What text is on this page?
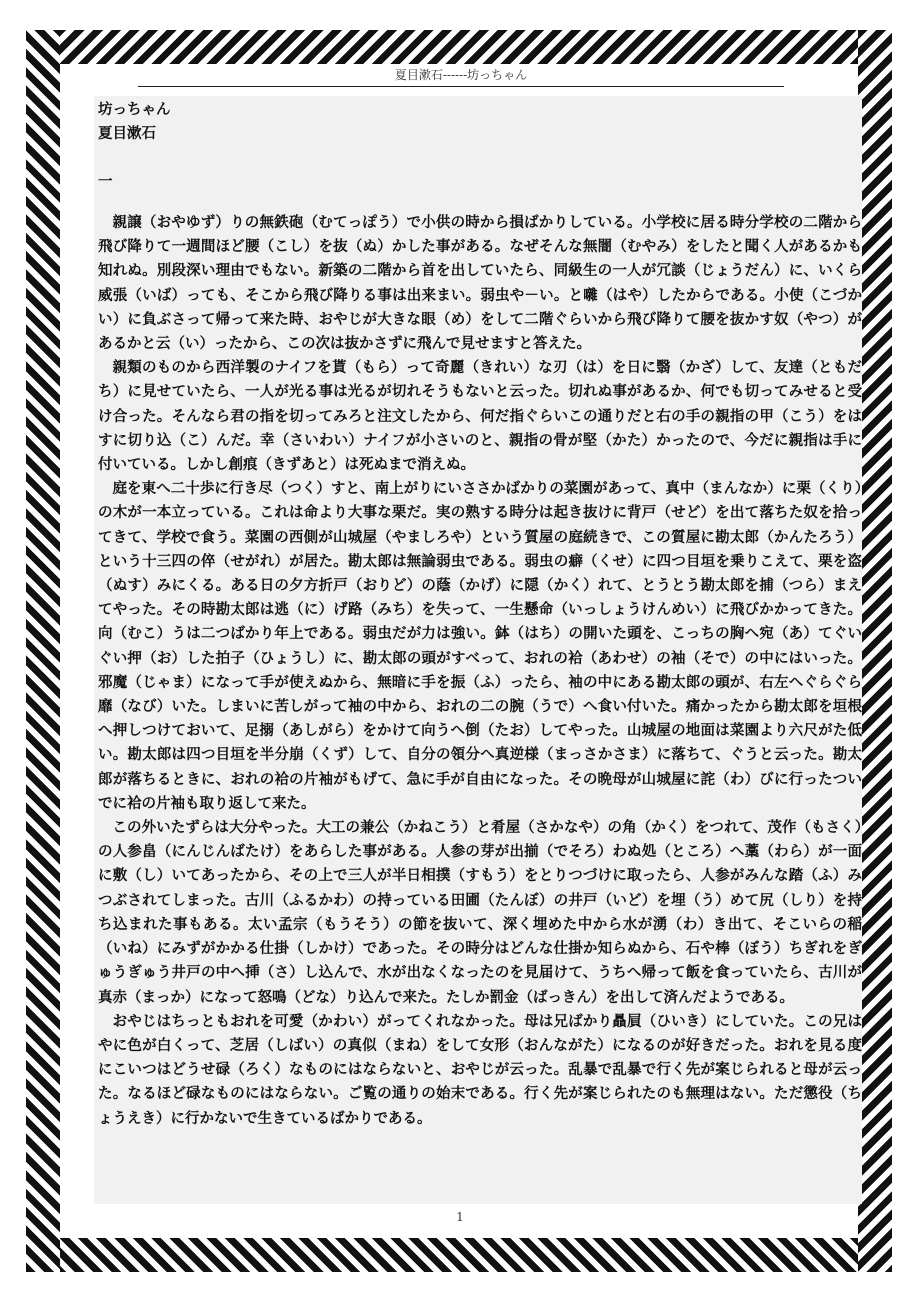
夏目漱石------坊っちゃん
坊っちゃん
夏目漱石
一

親譲（おやゆず）りの無鉄砲（むてっぽう）で小供の時から損ばかりしている。小学校に居る時分学校の二階から飛び降りて一週間ほど腰（こし）を抜（ぬ）かした事がある。なぜそんな無闇（むやみ）をしたと聞く人があるかも知れぬ。別段深い理由でもない。新築の二階から首を出していたら、同級生の一人が冗談（じょうだん）に、いくら威張（いば）っても、そこから飛び降りる事は出来まい。弱虫や－い。と囃（はや）したからである。小使（こづかい）に負ぶさって帰って来た時、おやじが大きな眼（め）をして二階ぐらいから飛び降りて腰を抜かす奴（やつ）があるかと云（い）ったから、この次は抜かさずに飛んで見せますと答えた。

親類のものから西洋製のナイフを貰（もら）って奇麗（きれい）な刃（は）を日に翳（かざ）して、友達（ともだち）に見せていたら、一人が光る事は光るが切れそうもないと云った。切れぬ事があるか、何でも切ってみせると受け合った。そんなら君の指を切ってみろと注文したから、何だ指ぐらいこの通りだと右の手の親指の甲（こう）をはすに切り込（こ）んだ。幸（さいわい）ナイフが小さいのと、親指の骨が堅（かた）かったので、今だに親指は手に付いている。しかし創痕（きずあと）は死ぬまで消えぬ。

庭を東へ二十歩に行き尽（つく）すと、南上がりにいささかばかりの菜園があって、真中（まんなか）に栗（くり）の木が一本立っている。これは命より大事な栗だ。実の熟する時分は起き抜けに背戸（せど）を出て落ちた奴を拾ってきて、学校で食う。菜園の西側が山城屋（やましろや）という質屋の庭続きで、この質屋に勘太郎（かんたろう）という十三四の倅（せがれ）が居た。勘太郎は無論弱虫である。弱虫の癖（くせ）に四つ目垣を乗りこえて、栗を盗（ぬす）みにくる。ある日の夕方折戸（おりど）の蔭（かげ）に隠（かく）れて、とうとう勘太郎を捕（つら）まえてやった。その時勘太郎は逃（に）げ路（みち）を失って、一生懸命（いっしょうけんめい）に飛びかかってきた。向（むこ）うは二つばかり年上である。弱虫だが力は強い。鉢（はち）の開いた頭を、こっちの胸へ宛（あ）てぐいぐい押（お）した拍子（ひょうし）に、勘太郎の頭がすべって、おれの袷（あわせ）の袖（そで）の中にはいった。邪魔（じゃま）になって手が使えぬから、無暗に手を振（ふ）ったら、袖の中にある勘太郎の頭が、右左へぐらぐら靡（なび）いた。しまいに苦しがって袖の中から、おれの二の腕（うで）へ食い付いた。痛かったから勘太郎を垣根へ押しつけておいて、足搦（あしがら）をかけて向うへ倒（たお）してやった。山城屋の地面は菜園より六尺がた低い。勘太郎は四つ目垣を半分崩（くず）して、自分の領分へ真逆様（まっさかさま）に落ちて、ぐうと云った。勘太郎が落ちるときに、おれの袷の片袖がもげて、急に手が自由になった。その晩母が山城屋に詫（わ）びに行ったついでに袷の片袖も取り返して来た。

この外いたずらは大分やった。大工の兼公（かねこう）と肴屋（さかなや）の角（かく）をつれて、茂作（もさく）の人参畠（にんじんばたけ）をあらした事がある。人参の芽が出揃（でそろ）わぬ処（ところ）へ藁（わら）が一面に敷（し）いてあったから、その上で三人が半日相撲（すもう）をとりつづけに取ったら、人参がみんな踏（ふ）みつぶされてしまった。古川（ふるかわ）の持っている田圃（たんぼ）の井戸（いど）を埋（う）めて尻（しり）を持ち込まれた事もある。太い孟宗（もうそう）の節を抜いて、深く埋めた中から水が湧（わ）き出て、そこいらの稲（いね）にみずがかかる仕掛（しかけ）であった。その時分はどんな仕掛か知らぬから、石や棒（ぼう）ちぎれをぎゅうぎゅう井戸の中へ挿（さ）し込んで、水が出なくなったのを見届けて、うちへ帰って飯を食っていたら、古川が真赤（まっか）になって怒鳴（どな）り込んで来た。たしか罰金（ばっきん）を出して済んだようである。

おやじはちっともおれを可愛（かわい）がってくれなかった。母は兄ばかり贔屓（ひいき）にしていた。この兄はやに色が白くって、芝居（しばい）の真似（まね）をして女形（おんながた）になるのが好きだった。おれを見る度にこいつはどうせ碌（ろく）なものにはならないと、おやじが云った。乱暴で乱暴で行く先が案じられると母が云った。なるほど碌なものにはならない。ご覧の通りの始末である。行く先が案じられたのも無理はない。ただ懲役（ちょうえき）に行かないで生きているばかりである。

1
